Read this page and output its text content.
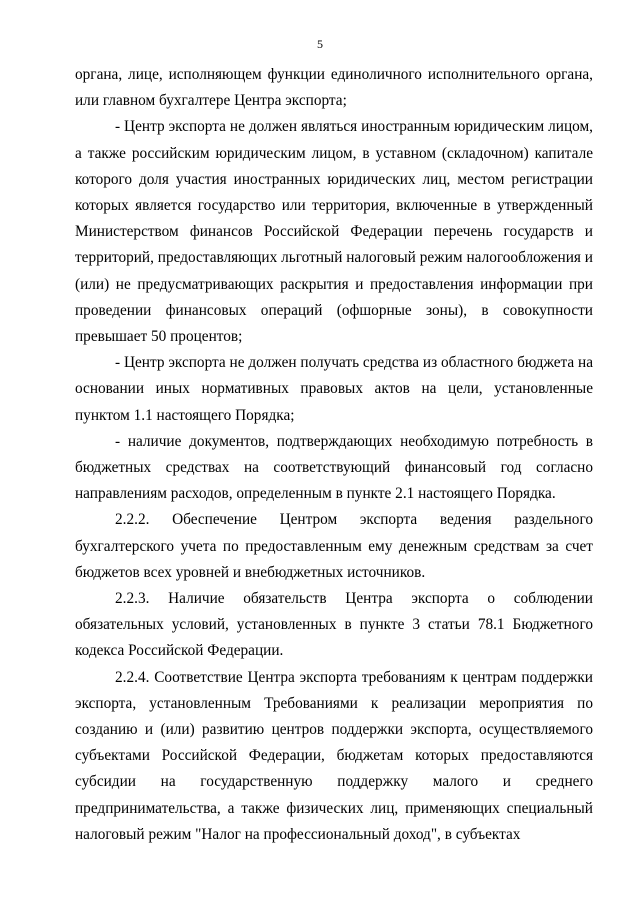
5

органа, лице, исполняющем функции единоличного исполнительного органа, или главном бухгалтере Центра экспорта;

- Центр экспорта не должен являться иностранным юридическим лицом, а также российским юридическим лицом, в уставном (складочном) капитале которого доля участия иностранных юридических лиц, местом регистрации которых является государство или территория, включенные в утвержденный Министерством финансов Российской Федерации перечень государств и территорий, предоставляющих льготный налоговый режим налогообложения и (или) не предусматривающих раскрытия и предоставления информации при проведении финансовых операций (офшорные зоны), в совокупности превышает 50 процентов;

- Центр экспорта не должен получать средства из областного бюджета на основании иных нормативных правовых актов на цели, установленные пунктом 1.1 настоящего Порядка;

- наличие документов, подтверждающих необходимую потребность в бюджетных средствах на соответствующий финансовый год согласно направлениям расходов, определенным в пункте 2.1 настоящего Порядка.

2.2.2. Обеспечение Центром экспорта ведения раздельного бухгалтерского учета по предоставленным ему денежным средствам за счет бюджетов всех уровней и внебюджетных источников.

2.2.3. Наличие обязательств Центра экспорта о соблюдении обязательных условий, установленных в пункте 3 статьи 78.1 Бюджетного кодекса Российской Федерации.

2.2.4. Соответствие Центра экспорта требованиям к центрам поддержки экспорта, установленным Требованиями к реализации мероприятия по созданию и (или) развитию центров поддержки экспорта, осуществляемого субъектами Российской Федерации, бюджетам которых предоставляются субсидии на государственную поддержку малого и среднего предпринимательства, а также физических лиц, применяющих специальный налоговый режим "Налог на профессиональный доход", в субъектах
